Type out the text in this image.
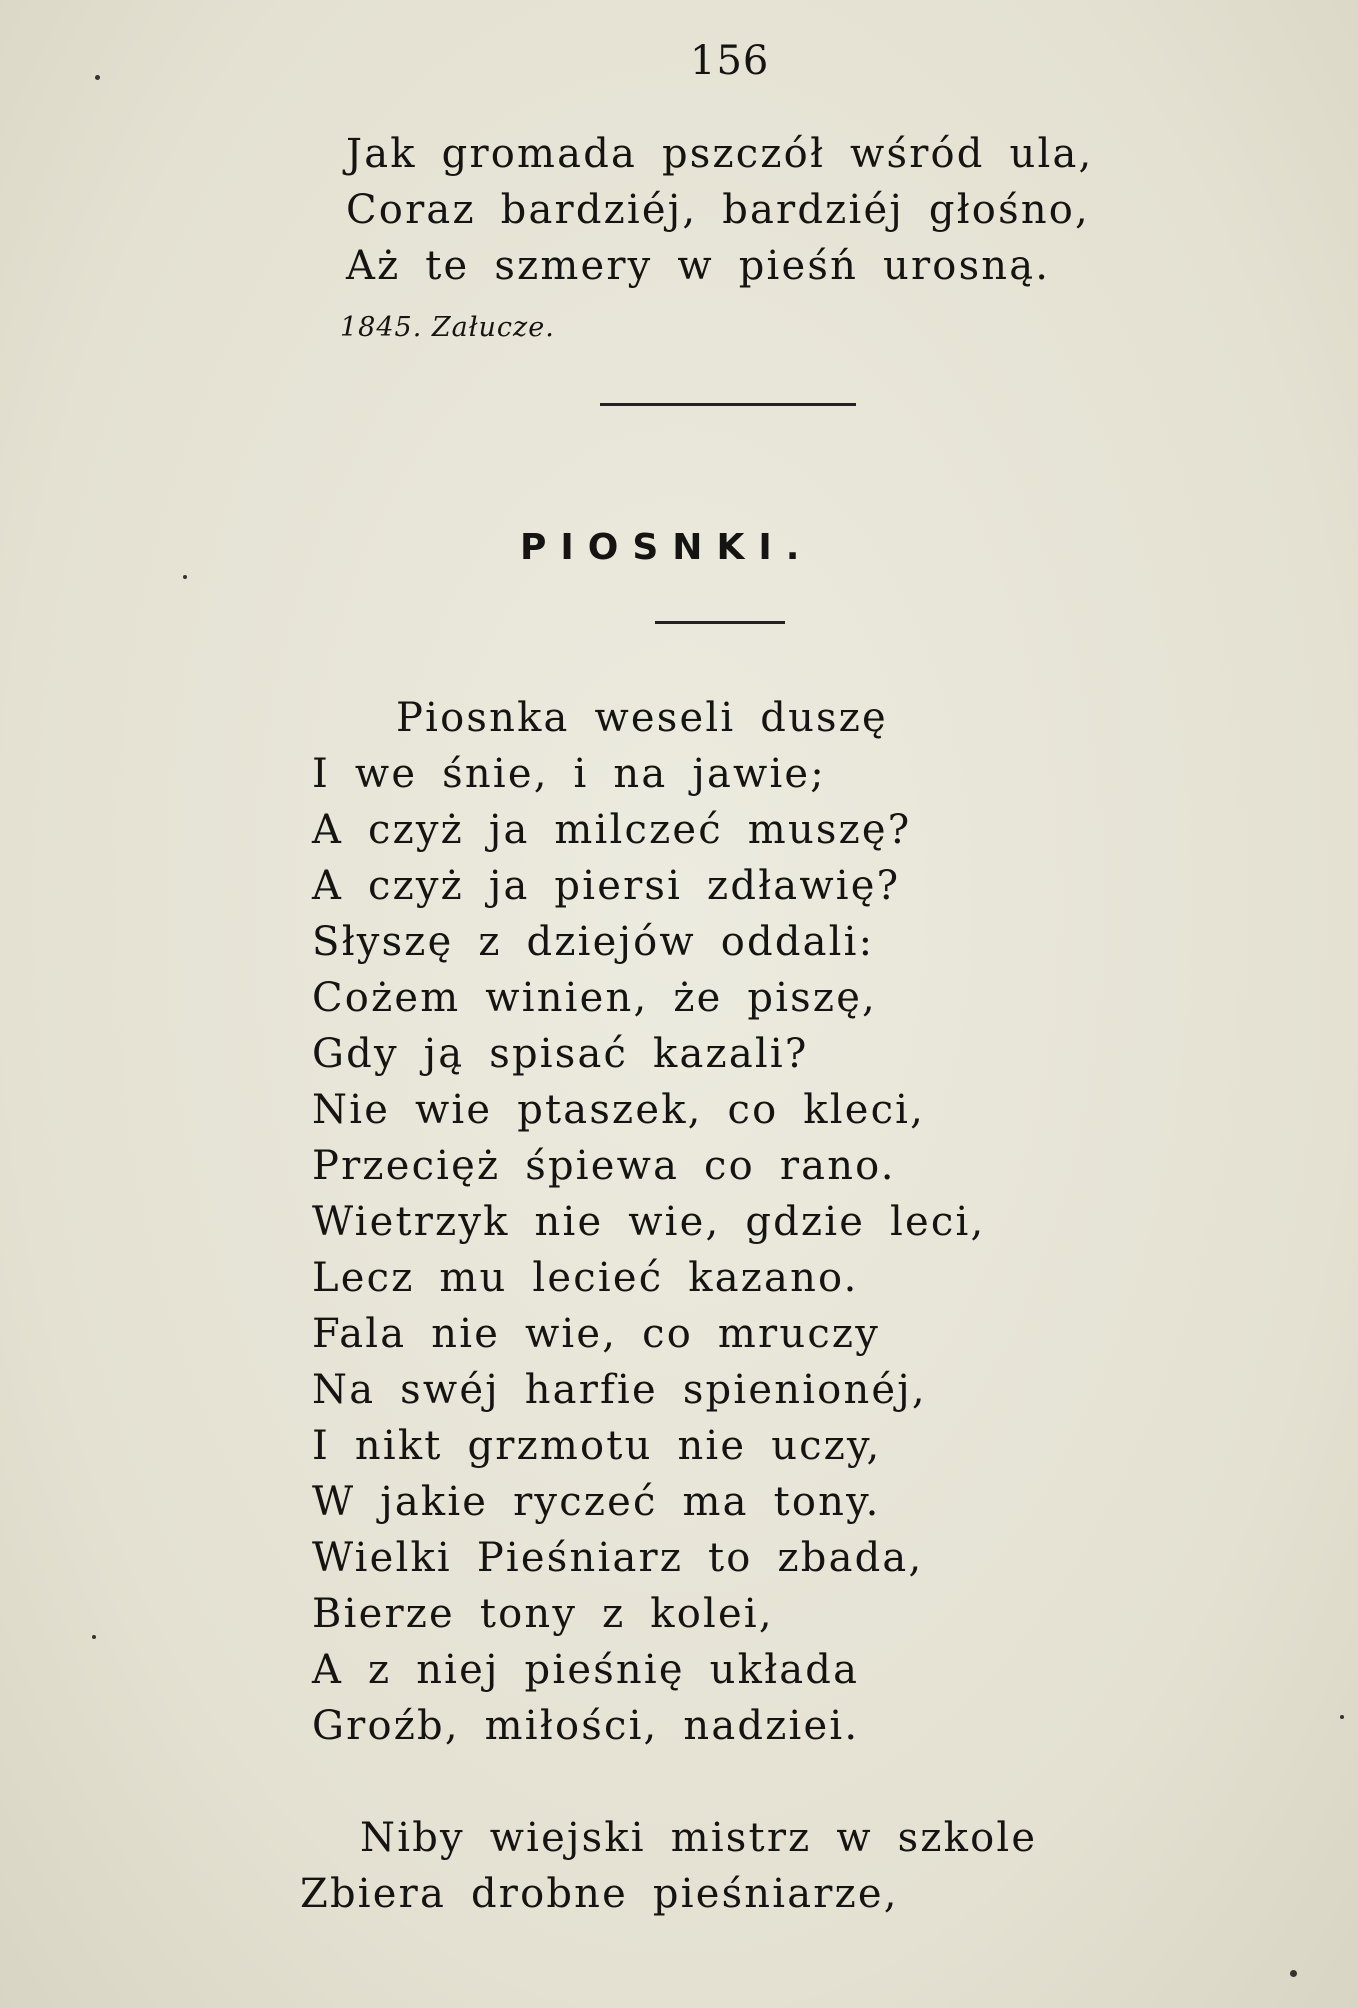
156
Jak gromada pszczół wśród ula,
Coraz bardziéj, bardziéj głośno,
Aż te szmery w pieśń urosną.
1845. Załucze.
PIOSNKI.
Piosnka weseli duszę
I we śnie, i na jawie;
A czyż ja milczeć muszę?
A czyż ja piersi zdławię?
Słyszę z dziejów oddali:
Cożem winien, że piszę,
Gdy ją spisać kazali?
Nie wie ptaszek, co kleci,
Przecięż śpiewa co rano.
Wietrzyk nie wie, gdzie leci,
Lecz mu lecieć kazano.
Fala nie wie, co mruczy
Na swéj harfie spienionéj,
I nikt grzmotu nie uczy,
W jakie ryczeć ma tony.
Wielki Pieśniarz to zbada,
Bierze tony z kolei,
A z niej pieśnię układa
Groźb, miłości, nadziei.
Niby wiejski mistrz w szkole
Zbiera drobne pieśniarze,
